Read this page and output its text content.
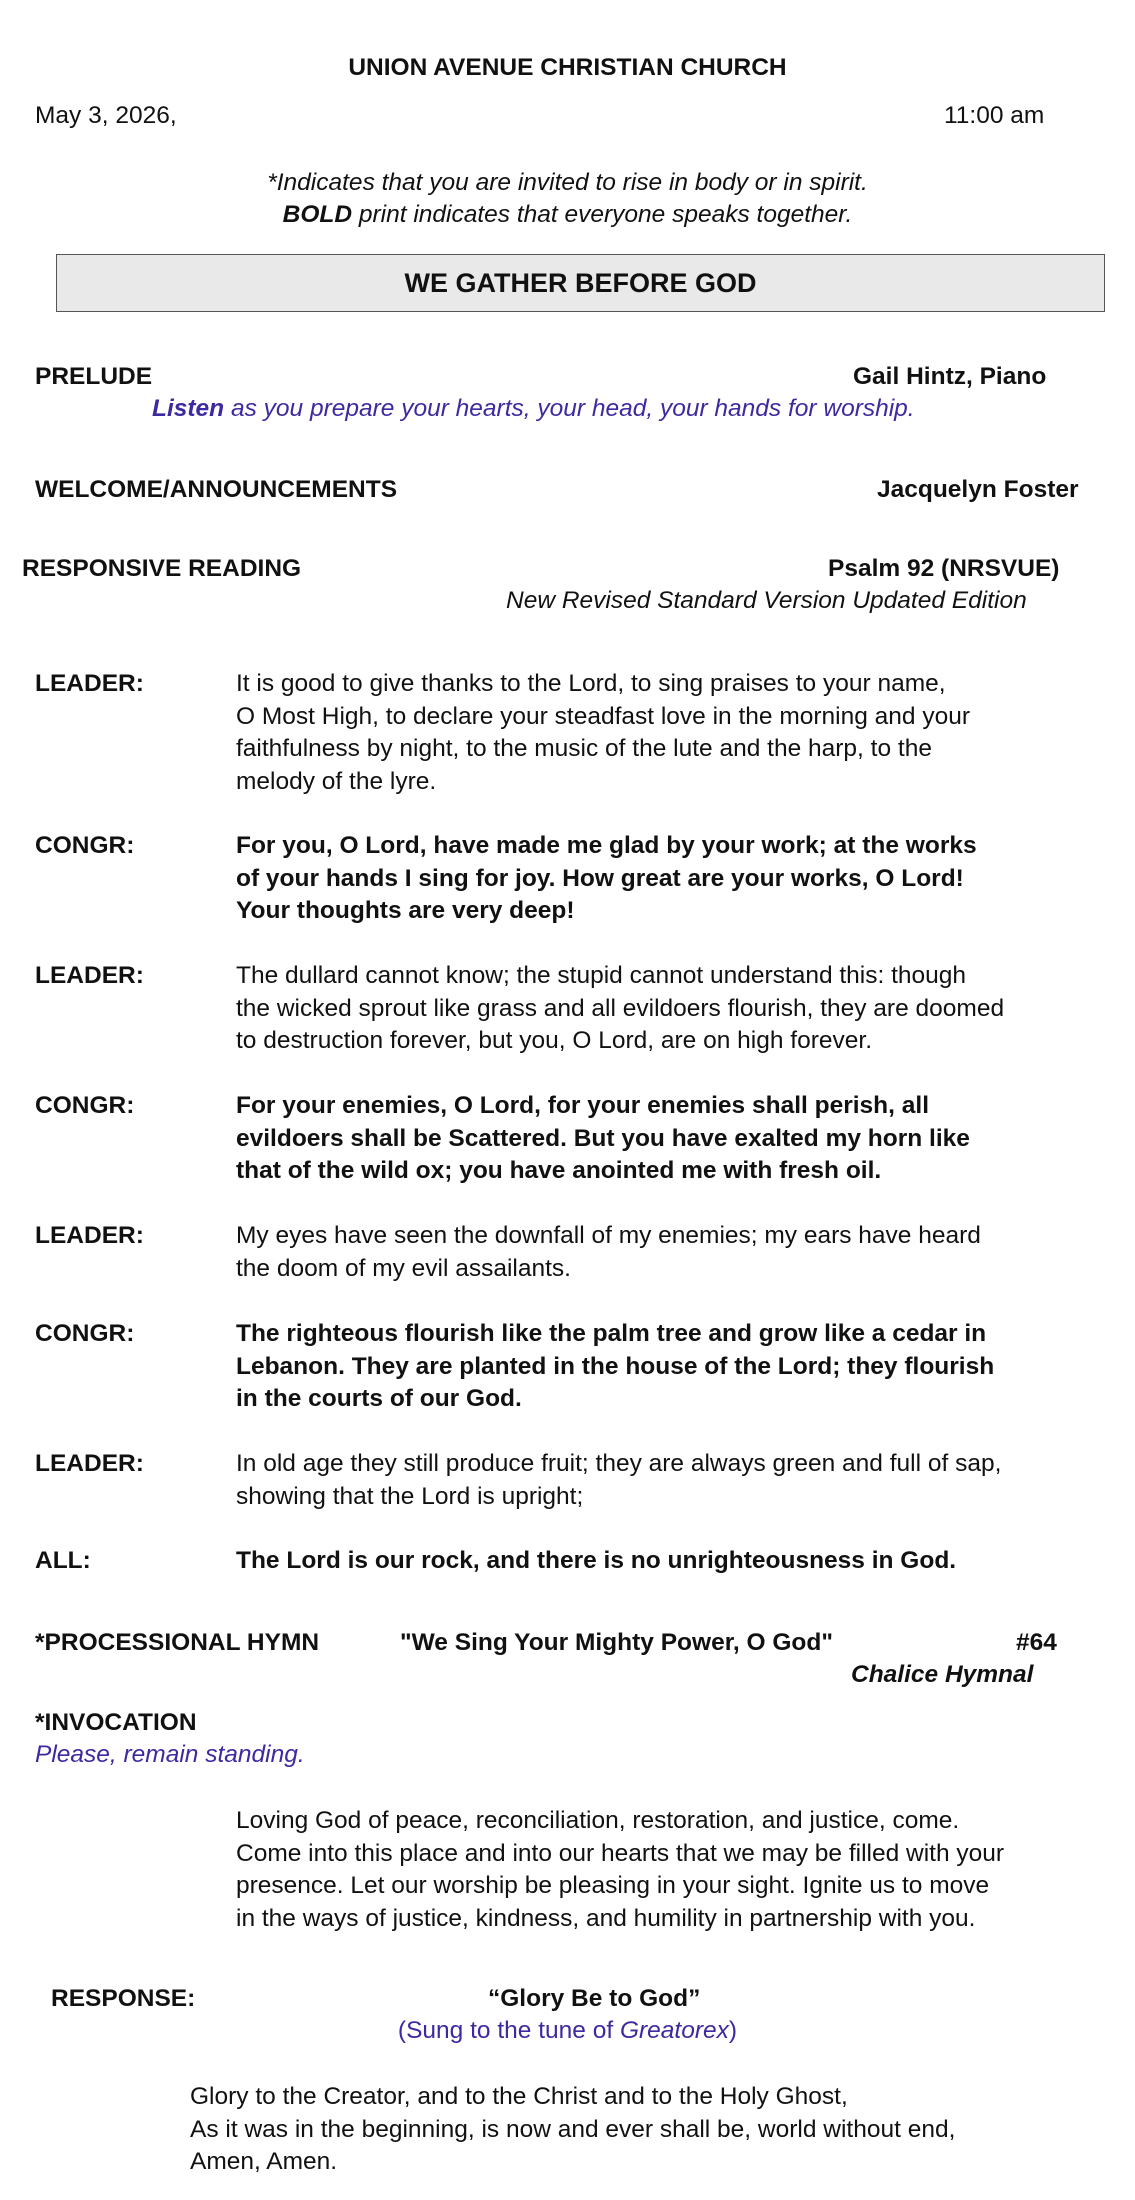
UNION AVENUE CHRISTIAN CHURCH
May 3, 2026,	11:00 am
*Indicates that you are invited to rise in body or in spirit.
BOLD print indicates that everyone speaks together.
WE GATHER BEFORE GOD
PRELUDE	Gail Hintz, Piano
Listen as you prepare your hearts, your head, your hands for worship.
WELCOME/ANNOUNCEMENTS	Jacquelyn Foster
RESPONSIVE READING	Psalm 92 (NRSVUE)
New Revised Standard Version Updated Edition
LEADER:	It is good to give thanks to the Lord, to sing praises to your name,
O Most High, to declare your steadfast love in the morning and your
faithfulness by night, to the music of the lute and the harp, to the
melody of the lyre.
CONGR:	For you, O Lord, have made me glad by your work; at the works
of your hands I sing for joy. How great are your works, O Lord!
Your thoughts are very deep!
LEADER:	The dullard cannot know; the stupid cannot understand this: though
the wicked sprout like grass and all evildoers flourish, they are doomed
to destruction forever, but you, O Lord, are on high forever.
CONGR:	For your enemies, O Lord, for your enemies shall perish, all
evildoers shall be Scattered. But you have exalted my horn like
that of the wild ox; you have anointed me with fresh oil.
LEADER:	My eyes have seen the downfall of my enemies; my ears have heard
the doom of my evil assailants.
CONGR:	The righteous flourish like the palm tree and grow like a cedar in
Lebanon. They are planted in the house of the Lord; they flourish
in the courts of our God.
LEADER:	In old age they still produce fruit; they are always green and full of sap,
showing that the Lord is upright;
ALL:	The Lord is our rock, and there is no unrighteousness in God.
*PROCESSIONAL HYMN	"We Sing Your Mighty Power, O God"	#64
Chalice Hymnal
*INVOCATION
Please, remain standing.
Loving God of peace, reconciliation, restoration, and justice, come.
Come into this place and into our hearts that we may be filled with your
presence. Let our worship be pleasing in your sight. Ignite us to move
in the ways of justice, kindness, and humility in partnership with you.
RESPONSE:	“Glory Be to God”
(Sung to the tune of Greatorex)
Glory to the Creator, and to the Christ and to the Holy Ghost,
As it was in the beginning, is now and ever shall be, world without end,
Amen, Amen.
